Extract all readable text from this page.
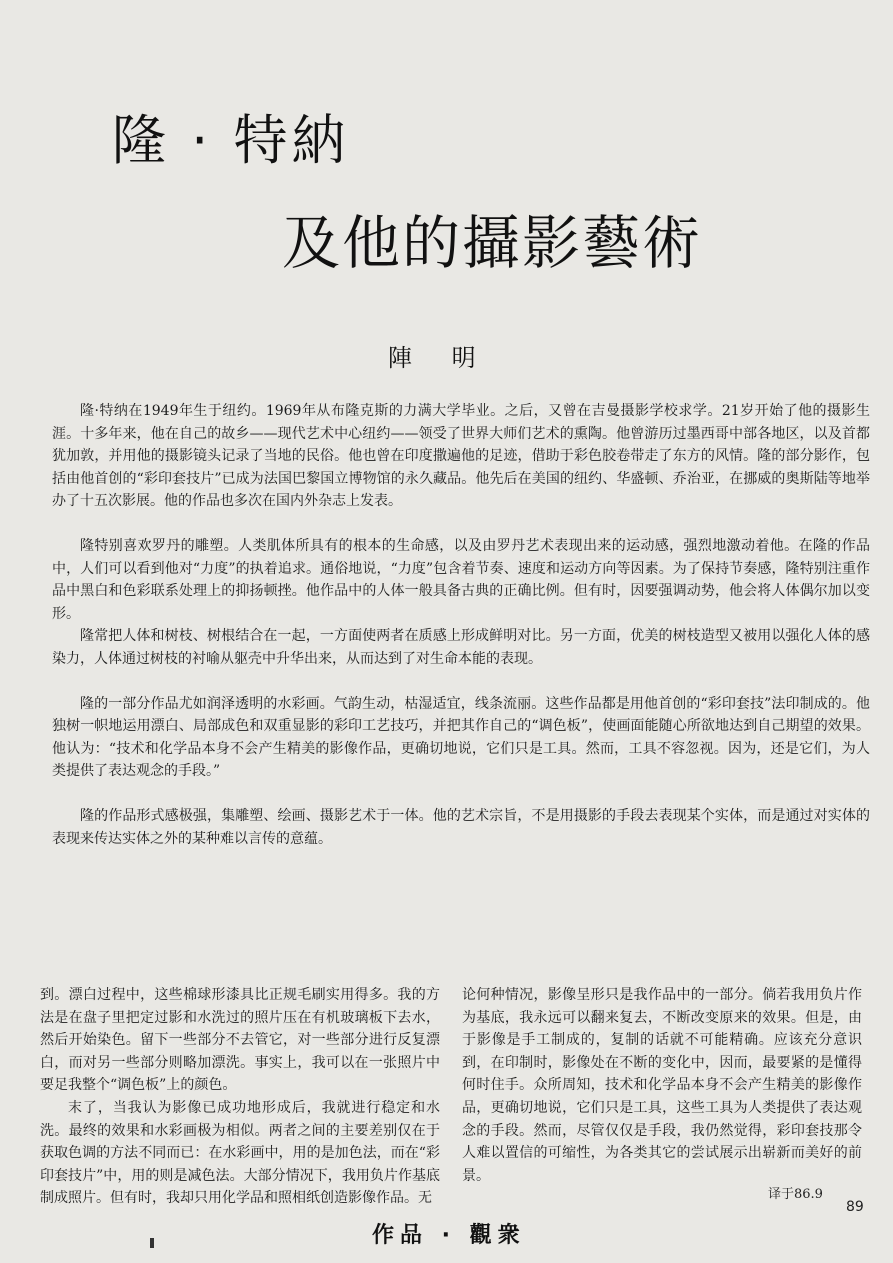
隆 · 特納
及他的攝影藝術
陣 明

隆·特纳在1949年生于纽约。1969年从布隆克斯的力满大学毕业。之后，又曾在吉曼摄影学校求学。21岁开始了他的摄影生涯。十多年来，他在自己的故乡——现代艺术中心纽约——领受了世界大师们艺术的熏陶。他曾游历过墨西哥中部各地区，以及首都犹加敦，并用他的摄影镜头记录了当地的民俗。他也曾在印度撒遍他的足迹，借助于彩色胶卷带走了东方的风情。隆的部分影作，包括由他首创的“彩印套技片”已成为法国巴黎国立博物馆的永久藏品。他先后在美国的纽约、华盛顿、乔治亚，在挪威的奥斯陆等地举办了十五次影展。他的作品也多次在国内外杂志上发表。

隆特别喜欢罗丹的雕塑。人类肌体所具有的根本的生命感，以及由罗丹艺术表现出来的运动感，强烈地激动着他。在隆的作品中，人们可以看到他对“力度”的执着追求。通俗地说，“力度”包含着节奏、速度和运动方向等因素。为了保持节奏感，隆特别注重作品中黑白和色彩联系处理上的抑扬顿挫。他作品中的人体一般具备古典的正确比例。但有时，因要强调动势，他会将人体偶尔加以变形。

隆常把人体和树枝、树根结合在一起，一方面使两者在质感上形成鲜明对比。另一方面，优美的树枝造型又被用以强化人体的感染力，人体通过树枝的衬喻从躯壳中升华出来，从而达到了对生命本能的表现。

隆的一部分作品尤如润泽透明的水彩画。气韵生动，枯湿适宜，线条流丽。这些作品都是用他首创的“彩印套技”法印制成的。他独树一帜地运用漂白、局部成色和双重显影的彩印工艺技巧，并把其作自己的“调色板”，使画面能随心所欲地达到自己期望的效果。他认为：“技术和化学品本身不会产生精美的影像作品，更确切地说，它们只是工具。然而，工具不容忽视。因为，还是它们，为人类提供了表达观念的手段。”

隆的作品形式感极强，集雕塑、绘画、摄影艺术于一体。他的艺术宗旨，不是用摄影的手段去表现某个实体，而是通过对实体的表现来传达实体之外的某种难以言传的意蕴。

到。漂白过程中，这些棉球形漆具比正规毛刷实用得多。我的方法是在盘子里把定过影和水洗过的照片压在有机玻璃板下去水，然后开始染色。留下一些部分不去管它，对一些部分进行反复漂白，而对另一些部分则略加漂洗。事实上，我可以在一张照片中要足我整个“调色板”上的颜色。

末了，当我认为影像已成功地形成后，我就进行稳定和水洗。最终的效果和水彩画极为相似。两者之间的主要差别仅在于获取色调的方法不同而已：在水彩画中，用的是加色法，而在“彩印套技片”中，用的则是减色法。大部分情况下，我用负片作基底制成照片。但有时，我却只用化学品和照相纸创造影像作品。无

论何种情况，影像呈形只是我作品中的一部分。倘若我用负片作为基底，我永远可以翻来复去，不断改变原来的效果。但是，由于影像是手工制成的，复制的话就不可能精确。应该充分意识到，在印制时，影像处在不断的变化中，因而，最要紧的是懂得何时住手。众所周知，技术和化学品本身不会产生精美的影像作品，更确切地说，它们只是工具，这些工具为人类提供了表达观念的手段。然而，尽管仅仅是手段，我仍然觉得，彩印套技那令人难以置信的可缩性，为各类其它的尝试展示出崭新而美好的前景。

译于86.9
89
作品 · 觀衆
